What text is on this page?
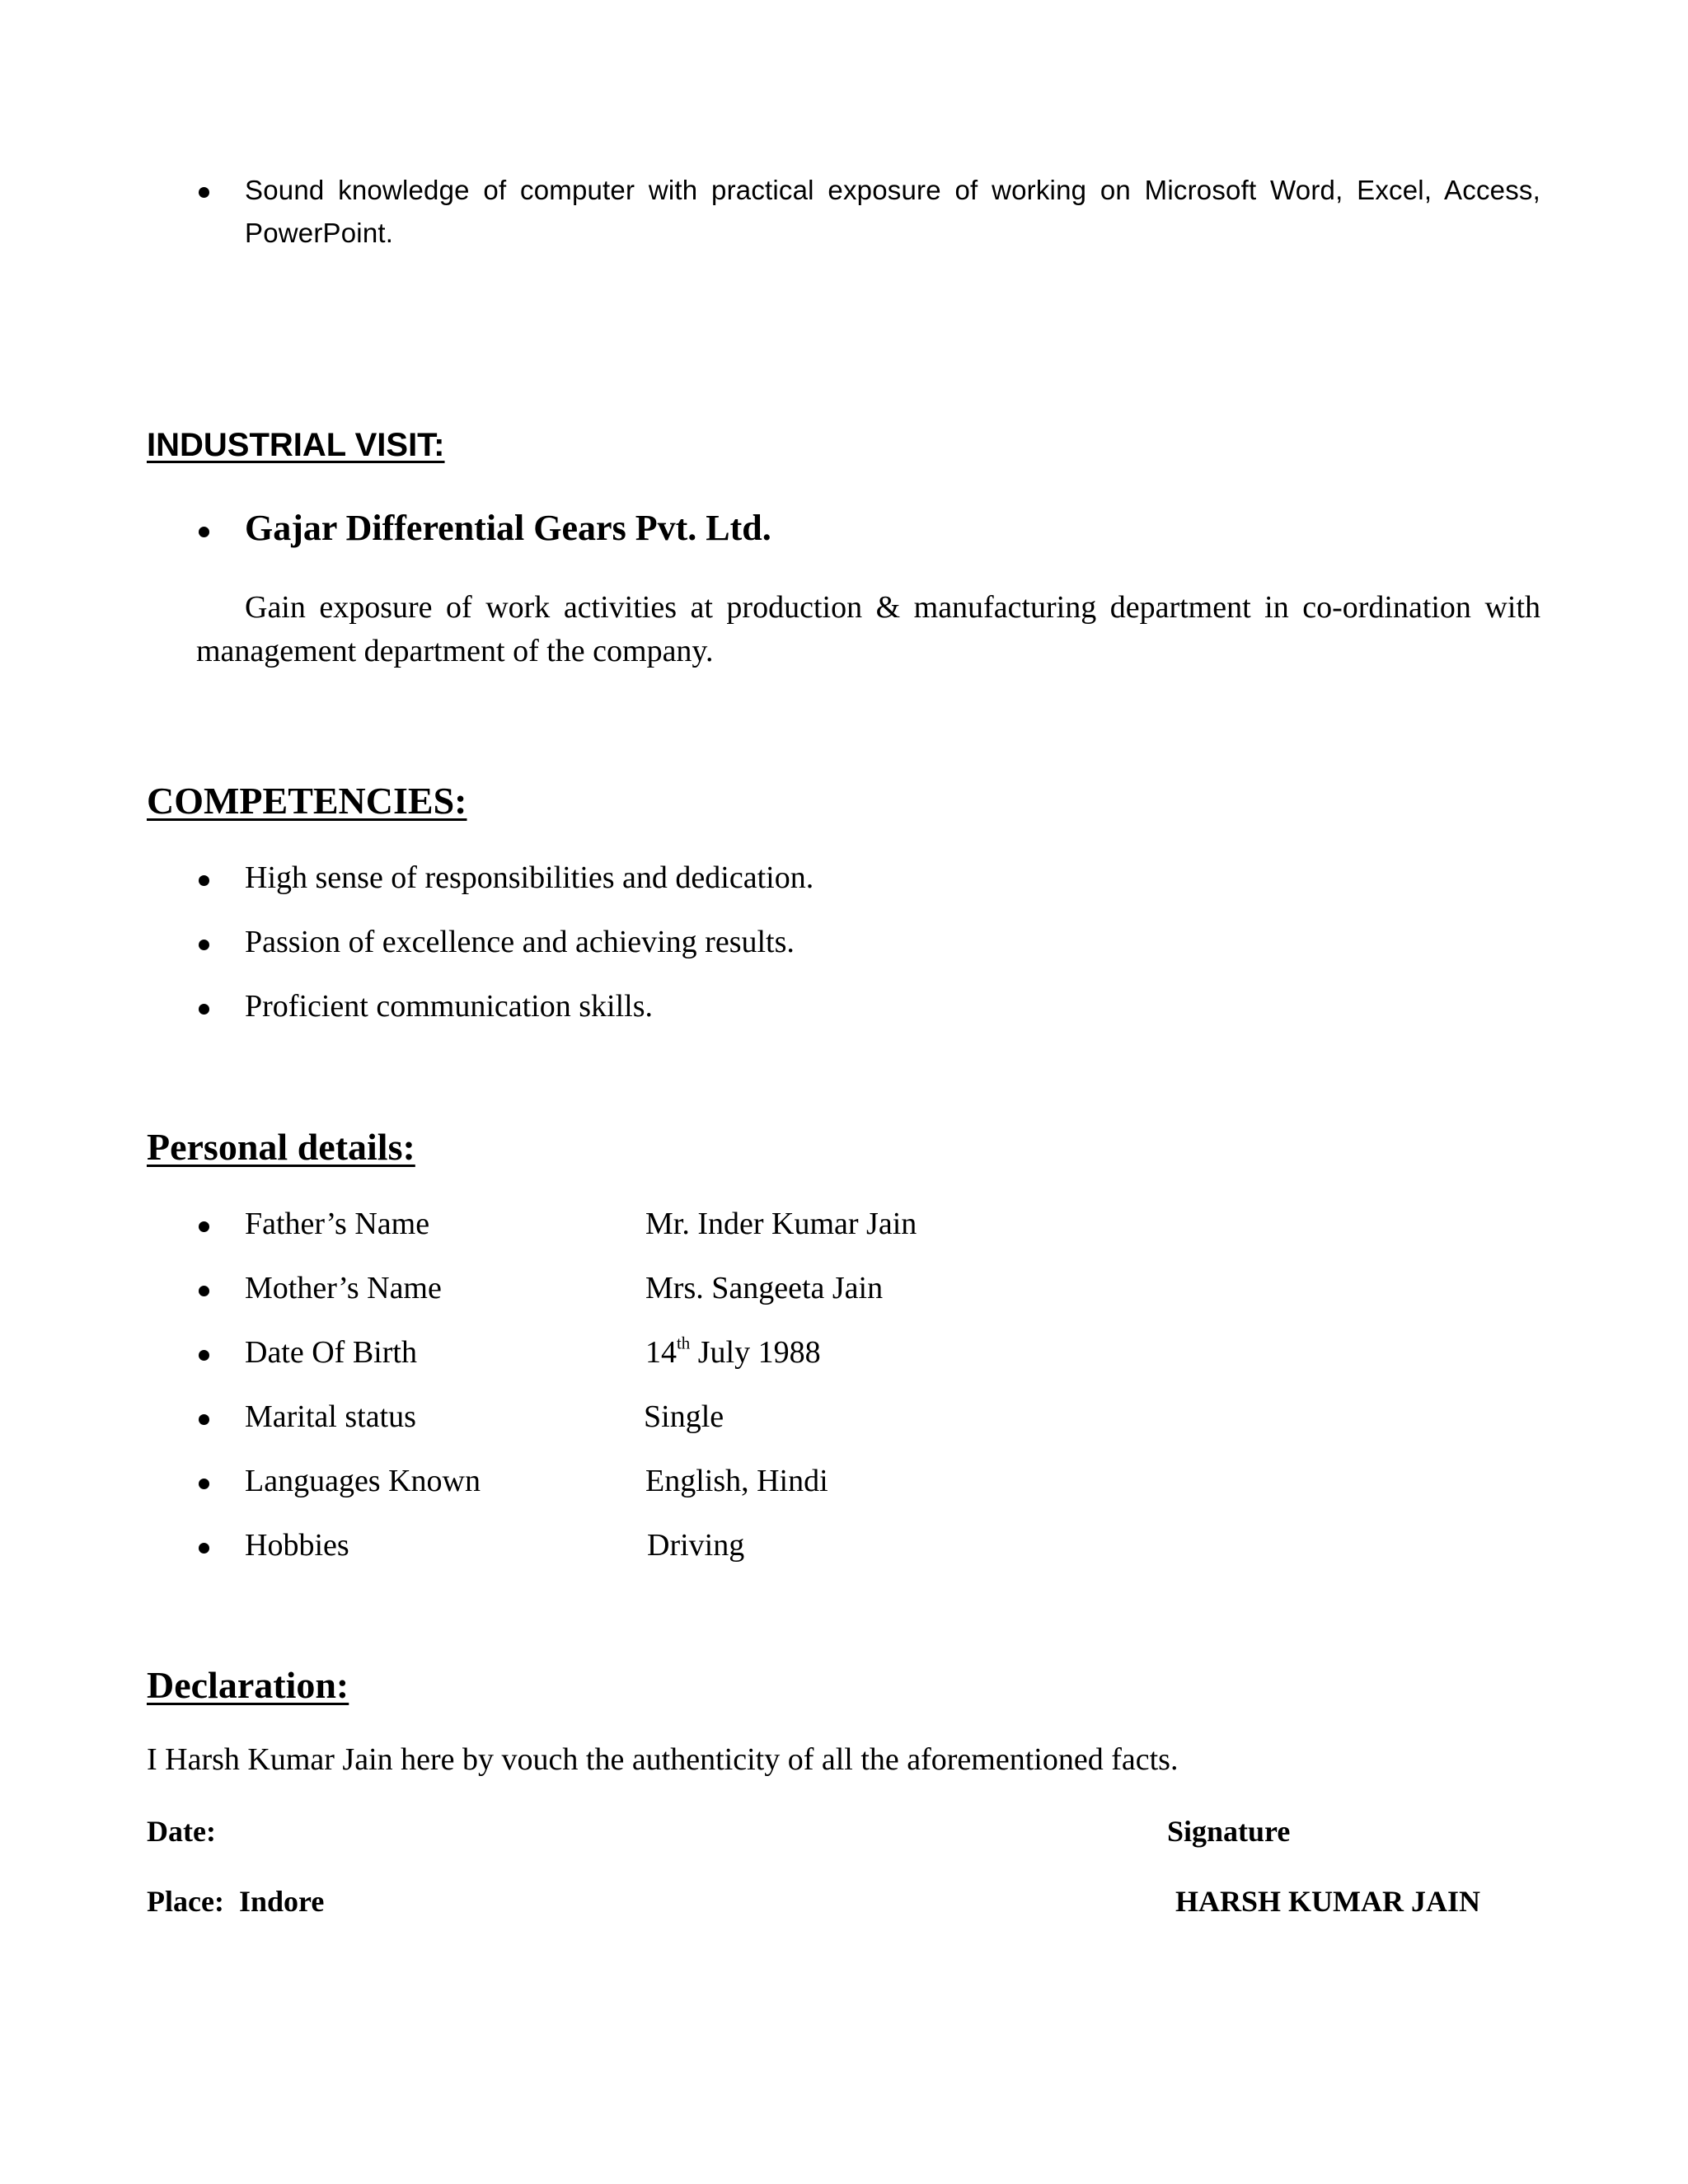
Sound knowledge of computer with practical exposure of working on Microsoft Word, Excel, Access,
PowerPoint.
INDUSTRIAL VISIT:
Gajar Differential Gears Pvt. Ltd.
Gain exposure of work activities at production & manufacturing department in co-ordination with
management department of the company.
COMPETENCIES:
High sense of responsibilities and dedication.
Passion of excellence and achieving results.
Proficient communication skills.
Personal details:
Father’s Name	Mr. Inder Kumar Jain
Mother’s Name	Mrs. Sangeeta Jain
Date Of Birth	14th July 1988
Marital status	Single
Languages Known	English, Hindi
Hobbies	Driving
Declaration:
I Harsh Kumar Jain here by vouch the authenticity of all the aforementioned facts.
Date:	Signature
Place: Indore	HARSH KUMAR JAIN
